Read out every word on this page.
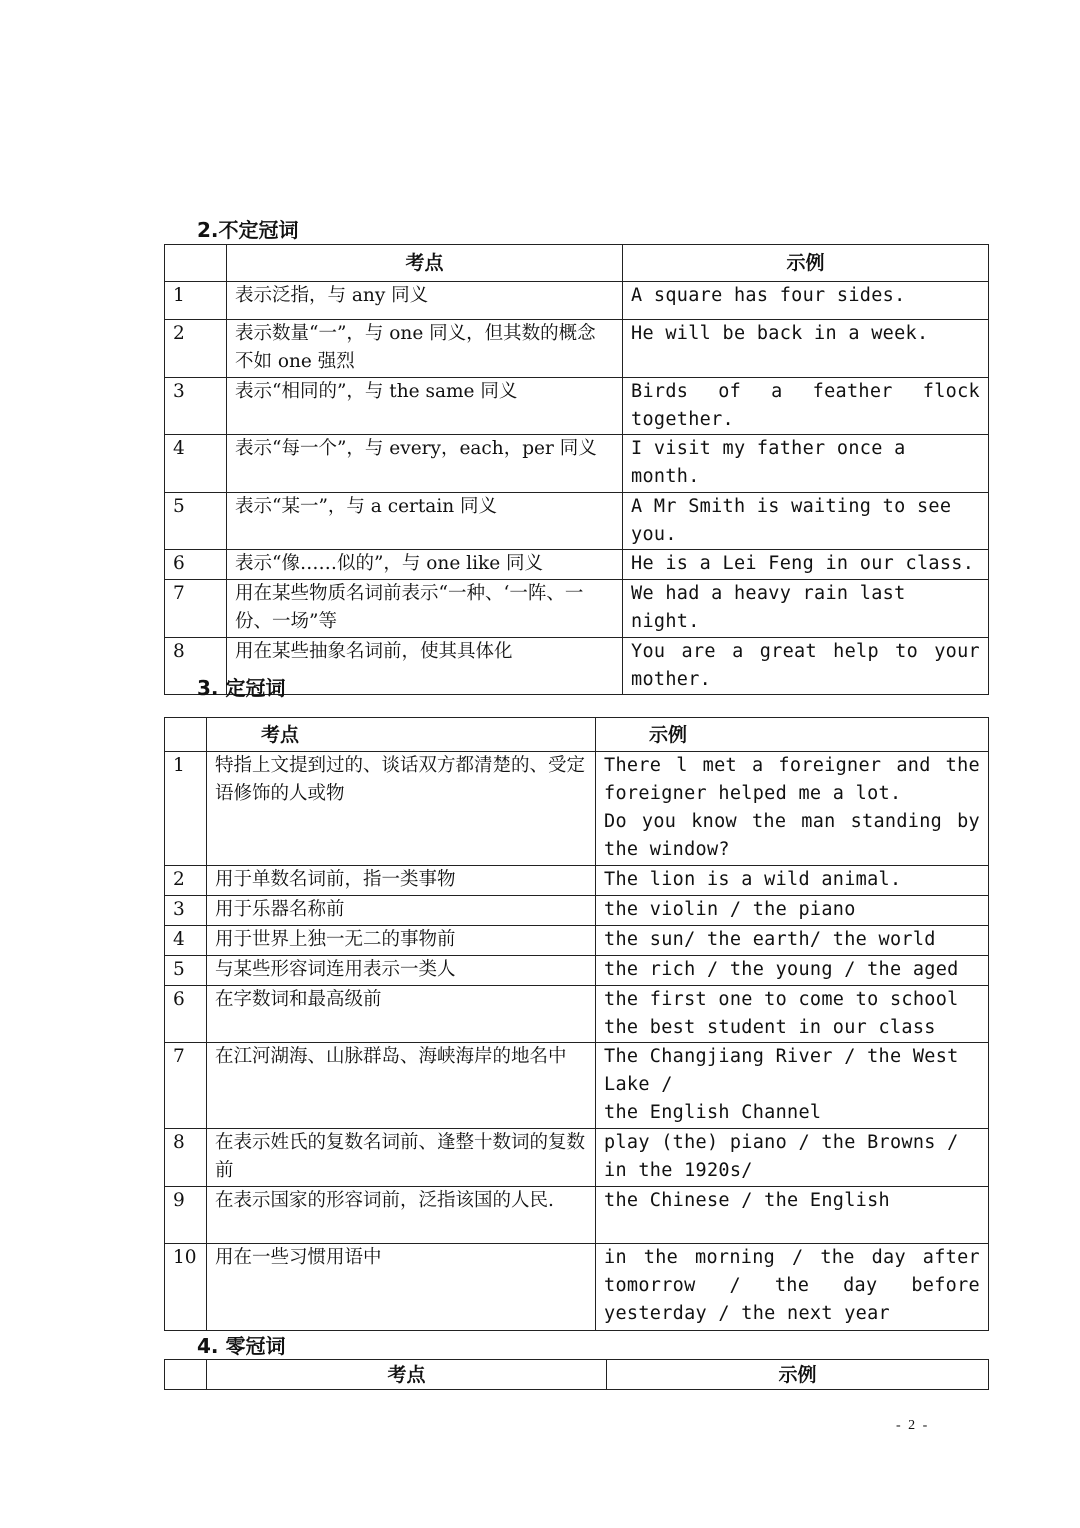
2.不定冠词
	考点	示例
1	表示泛指，与 any 同义	A square has four sides.

2	表示数量“一”，与 one 同义，但其数的概念不如 one 强烈	He will be back in a week.

3	表示“相同的”，与 the same 同义	Birds of a feather flock together.

4	表示“每一个”，与 every，each，per 同义	I visit my father once a month.

5	表示“某一”，与 a certain 同义	A Mr Smith is waiting to see you.

6	表示“像……似的”，与 one like 同义	He is a Lei Feng in our class.

7	用在某些物质名词前表示“一种、‘一阵、一份、一场”等	We had a heavy rain last night.

8	用在某些抽象名词前，使其具体化	You are a great help to your mother.
3. 定冠词
	考点	示例
1	特指上文提到过的、谈话双方都清楚的、受定语修饰的人或物	There l met a foreigner and the foreigner helped me a lot.
Do you know the man standing by the window?

2	用于单数名词前，指一类事物	The lion is a wild animal.

3	用于乐器名称前	the violin / the piano

4	用于世界上独一无二的事物前	the sun/ the earth/ the world

5	与某些形容词连用表示一类人	the rich / the young / the aged

6	在字数词和最高级前	the first one to come to school
the best student in our class

7	在江河湖海、山脉群岛、海峡海岸的地名中	The Changjiang River / the West Lake /
the English Channel

8	在表示姓氏的复数名词前、逢整十数词的复数前	play (the) piano / the Browns / in the 1920s/

9	在表示国家的形容词前，泛指该国的人民.	the Chinese / the English

10	用在一些习惯用语中	in the morning / the day after tomorrow / the day before yesterday / the next year
4. 零冠词
	考点	示例
- 2 -
